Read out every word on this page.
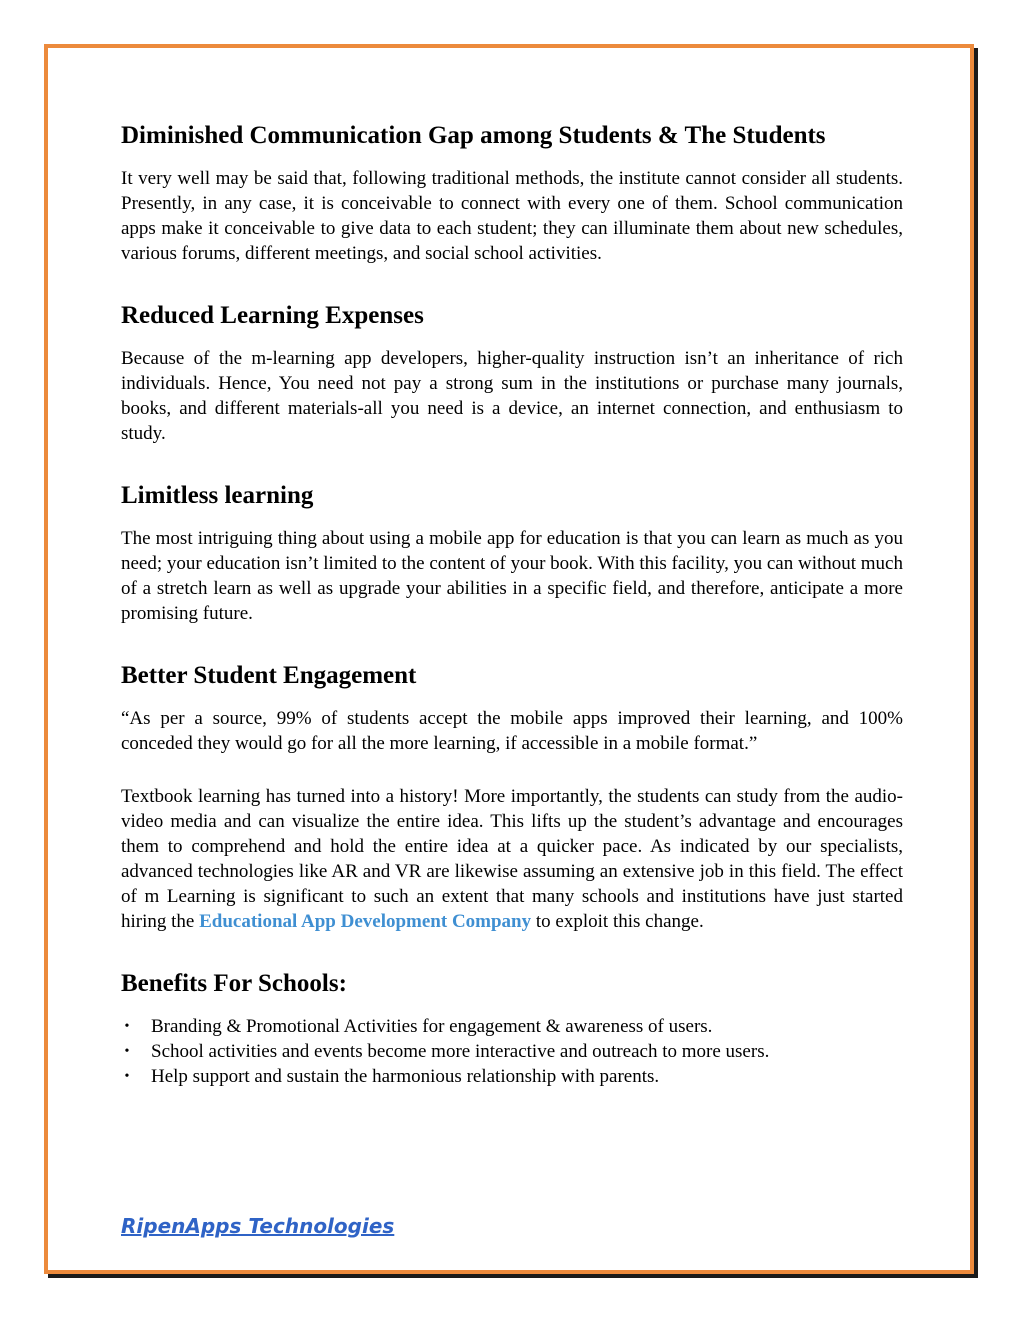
Diminished Communication Gap among Students & The Students

It very well may be said that, following traditional methods, the institute cannot consider all students. Presently, in any case, it is conceivable to connect with every one of them. School communication apps make it conceivable to give data to each student; they can illuminate them about new schedules, various forums, different meetings, and social school activities.

Reduced Learning Expenses

Because of the m-learning app developers, higher-quality instruction isn’t an inheritance of rich individuals. Hence, You need not pay a strong sum in the institutions or purchase many journals, books, and different materials-all you need is a device, an internet connection, and enthusiasm to study.

Limitless learning

The most intriguing thing about using a mobile app for education is that you can learn as much as you need; your education isn’t limited to the content of your book. With this facility, you can without much of a stretch learn as well as upgrade your abilities in a specific field, and therefore, anticipate a more promising future.

Better Student Engagement

“As per a source, 99% of students accept the mobile apps improved their learning, and 100% conceded they would go for all the more learning, if accessible in a mobile format.”

Textbook learning has turned into a history! More importantly, the students can study from the audio-video media and can visualize the entire idea. This lifts up the student’s advantage and encourages them to comprehend and hold the entire idea at a quicker pace. As indicated by our specialists, advanced technologies like AR and VR are likewise assuming an extensive job in this field. The effect of m Learning is significant to such an extent that many schools and institutions have just started hiring the Educational App Development Company to exploit this change.

Benefits For Schools:
• Branding & Promotional Activities for engagement & awareness of users.
• School activities and events become more interactive and outreach to more users.
• Help support and sustain the harmonious relationship with parents.
RipenApps Technologies
